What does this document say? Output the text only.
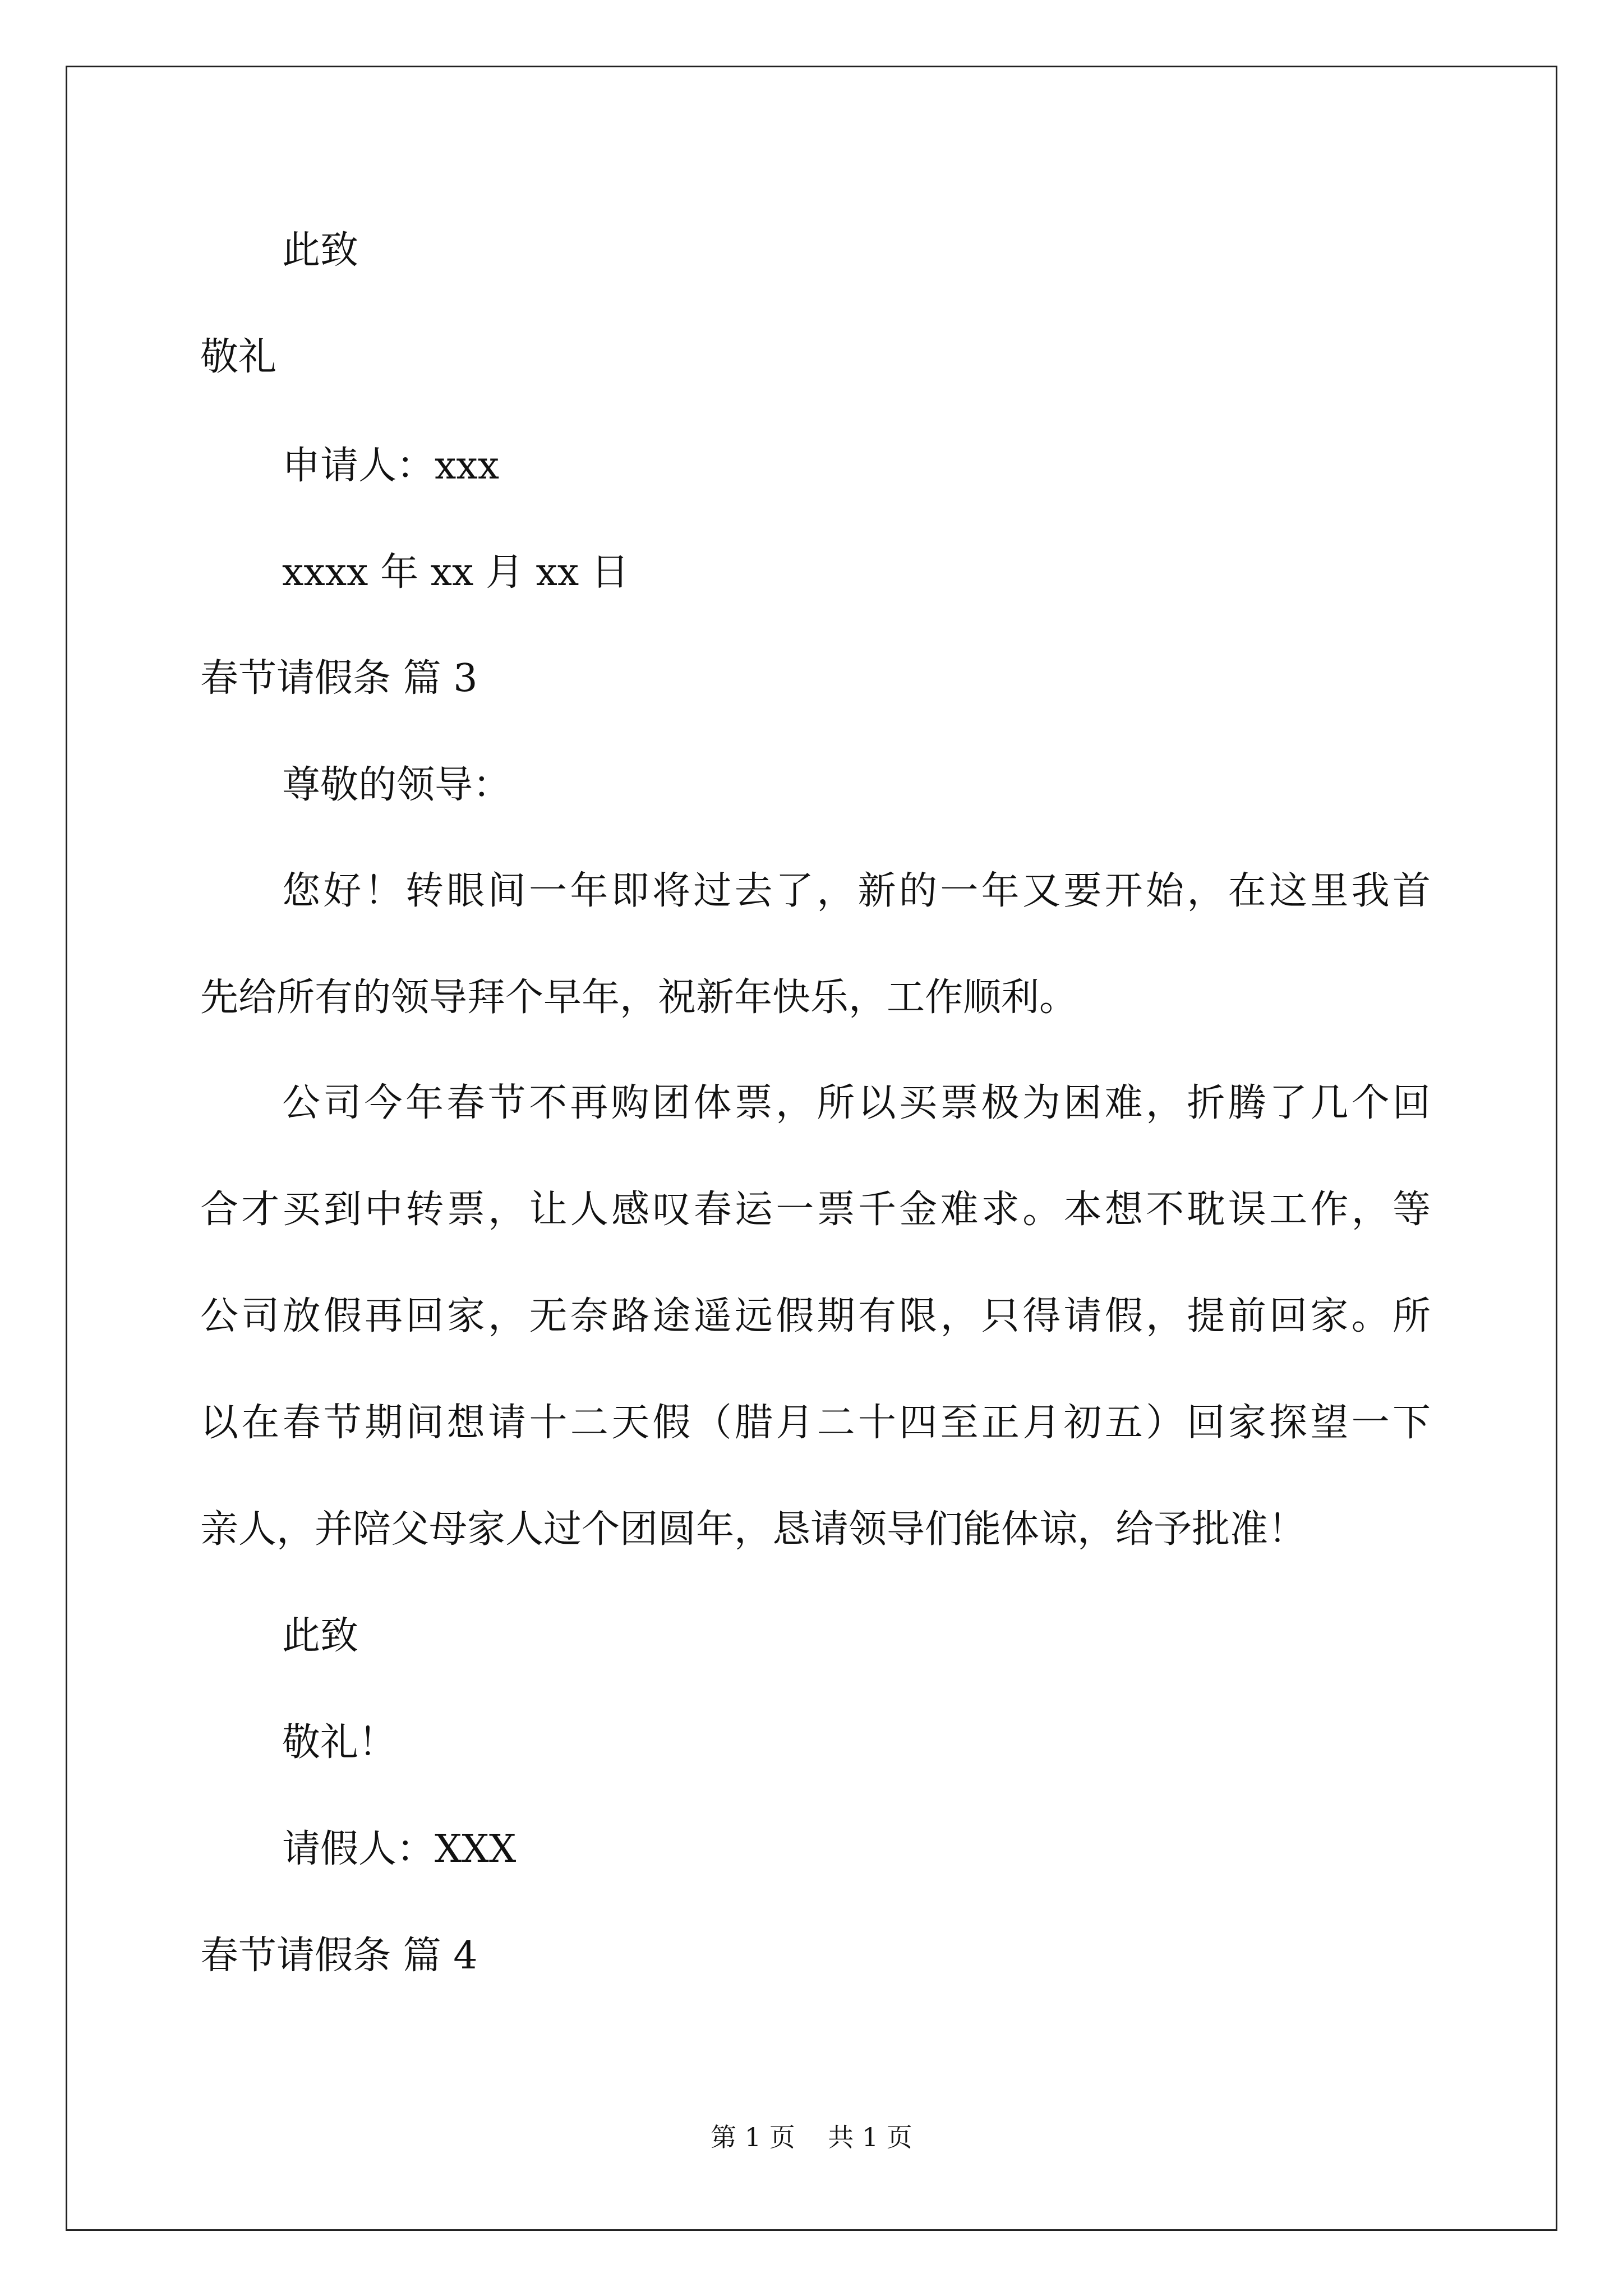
此致
敬礼
申请人：xxx
xxxx 年 xx 月 xx 日
春节请假条 篇 3
尊敬的领导：
您好！转眼间一年即将过去了，新的一年又要开始，在这里我首
先给所有的领导拜个早年，祝新年快乐，工作顺利。
公司今年春节不再购团体票，所以买票极为困难，折腾了几个回
合才买到中转票，让人感叹春运一票千金难求。本想不耽误工作，等
公司放假再回家，无奈路途遥远假期有限，只得请假，提前回家。所
以在春节期间想请十二天假（腊月二十四至正月初五）回家探望一下
亲人，并陪父母家人过个团圆年，恳请领导们能体谅，给予批准！
此致
敬礼！
请假人：XXX
春节请假条 篇 4
第 1 页    共 1 页
